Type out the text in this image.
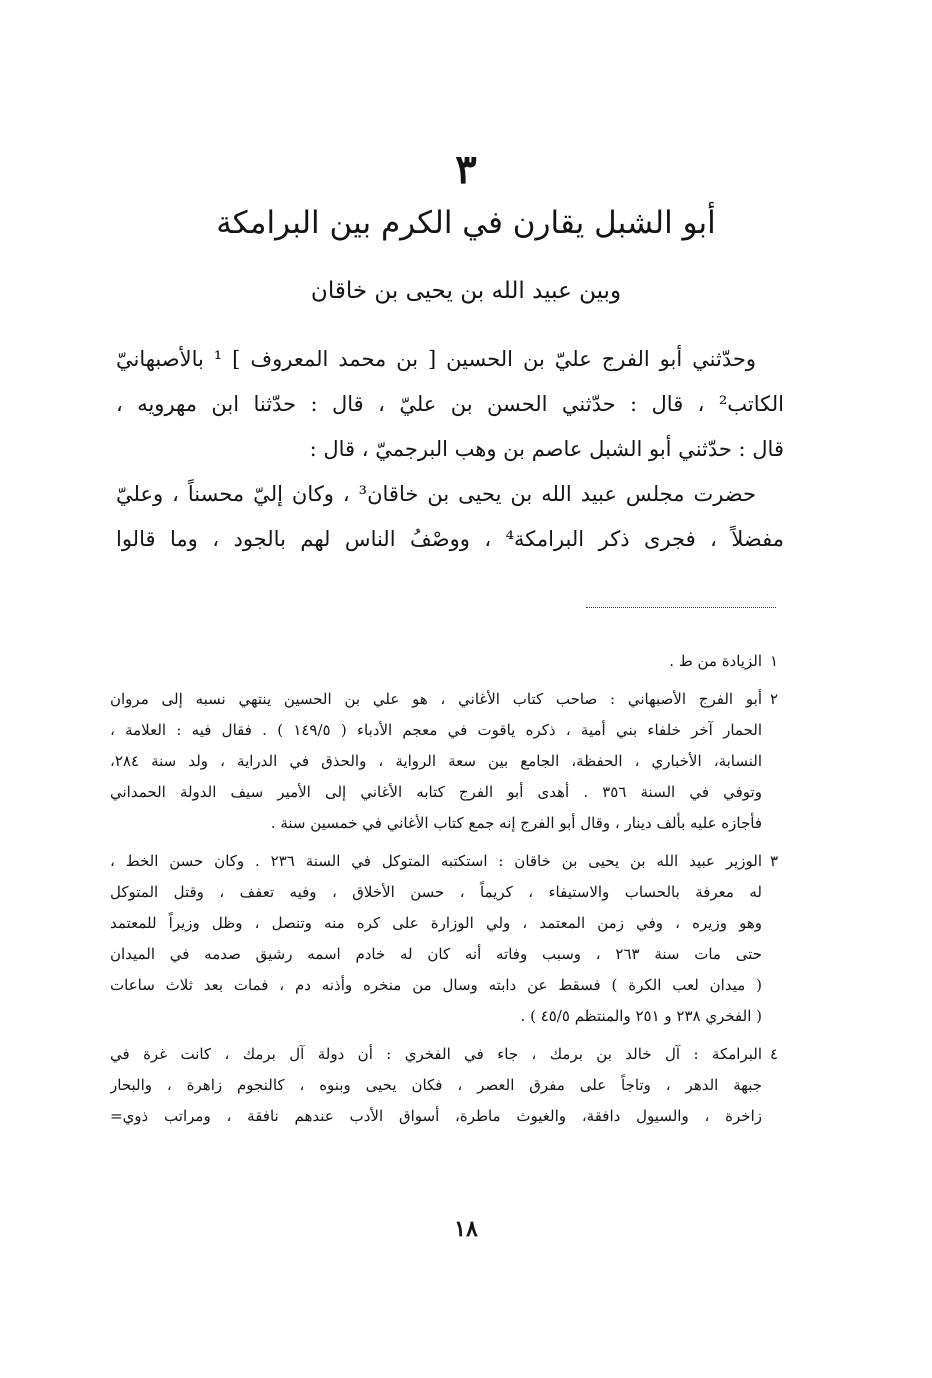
٣
أبو الشبل يقارن في الكرم بين البرامكة
وبين عبيد الله بن يحيى بن خاقان
وحدّثني أبو الفرج عليّ بن الحسين [ بن محمد المعروف ] ¹ بالأصبهانيّ
الكاتب² ، قال : حدّثني الحسن بن عليّ ، قال : حدّثنا ابن مهرويه ،
قال : حدّثني أبو الشبل عاصم بن وهب البرجميّ ، قال :
حضرت مجلس عبيد الله بن يحيى بن خاقان³ ، وكان إليّ محسناً ، وعليّ
مفضلاً ، فجرى ذكر البرامكة⁴ ، ووصْفُ الناس لهم بالجود ، وما قالوا
١
الزيادة من ط .
٢
أبو الفرج الأصبهاني : صاحب كتاب الأغاني ، هو علي بن الحسين ينتهي نسبه إلى مروان
الحمار آخر خلفاء بني أمية ، ذكره ياقوت في معجم الأدباء ( ١٤٩/٥ ) . فقال فيه : العلامة ،
النسابة، الأخباري ، الحفظة، الجامع بين سعة الرواية ، والحذق في الدراية ، ولد سنة ٢٨٤،
وتوفي في السنة ٣٥٦ . أهدى أبو الفرج كتابه الأغاني إلى الأمير سيف الدولة الحمداني
فأجازه عليه بألف دينار ، وقال أبو الفرج إنه جمع كتاب الأغاني في خمسين سنة .
٣
الوزير عبيد الله بن يحيى بن خاقان : استكتبه المتوكل في السنة ٢٣٦ . وكان حسن الخط ،
له معرفة بالحساب والاستيفاء ، كريماً ، حسن الأخلاق ، وفيه تعفف ، وقتل المتوكل
وهو وزيره ، وفي زمن المعتمد ، ولي الوزارة على كره منه وتنصل ، وظل وزيراً للمعتمد
حتى مات سنة ٢٦٣ ، وسبب وفاته أنه كان له خادم اسمه رشيق صدمه في الميدان
( ميدان لعب الكرة ) فسقط عن دابته وسال من منخره وأذنه دم ، فمات بعد ثلاث ساعات
( الفخري ٢٣٨ و ٢٥١ والمنتظم ٤٥/٥ ) .
٤
البرامكة : آل خالد بن برمك ، جاء في الفخري : أن دولة آل برمك ، كانت غرة في
جبهة الدهر ، وتاجاً على مفرق العصر ، فكان يحيى وبنوه ، كالنجوم زاهرة ، والبحار
زاخرة ، والسيول دافقة، والغيوث ماطرة، أسواق الأدب عندهم نافقة ، ومراتب ذوي=
١٨
